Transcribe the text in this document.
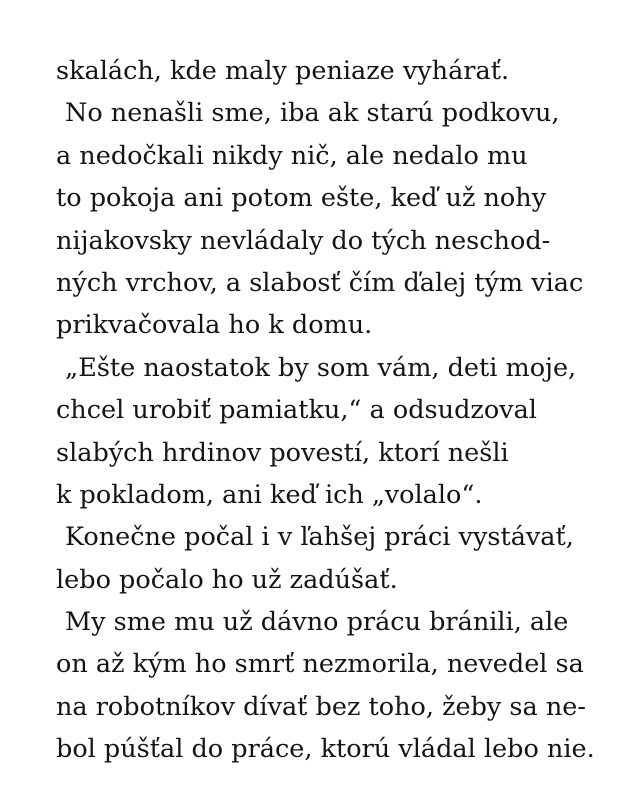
skalách, kde maly peniaze vyhárať.
No nenašli sme, iba ak starú podkovu,
a nedočkali nikdy nič, ale nedalo mu
to pokoja ani potom ešte, keď už nohy
nijakovsky nevládaly do tých neschod-
ných vrchov, a slabosť čím ďalej tým viac
prikvačovala ho k domu.
„Ešte naostatok by som vám, deti moje,
chcel urobiť pamiatku,“ a odsudzoval
slabých hrdinov povestí, ktorí nešli
k pokladom, ani keď ich „volalo“.
Konečne počal i v ľahšej práci vystávať,
lebo počalo ho už zadúšať.
My sme mu už dávno prácu bránili, ale
on až kým ho smrť nezmorila, nevedel sa
na robotníkov dívať bez toho, žeby sa ne-
bol púšťal do práce, ktorú vládal lebo nie.
